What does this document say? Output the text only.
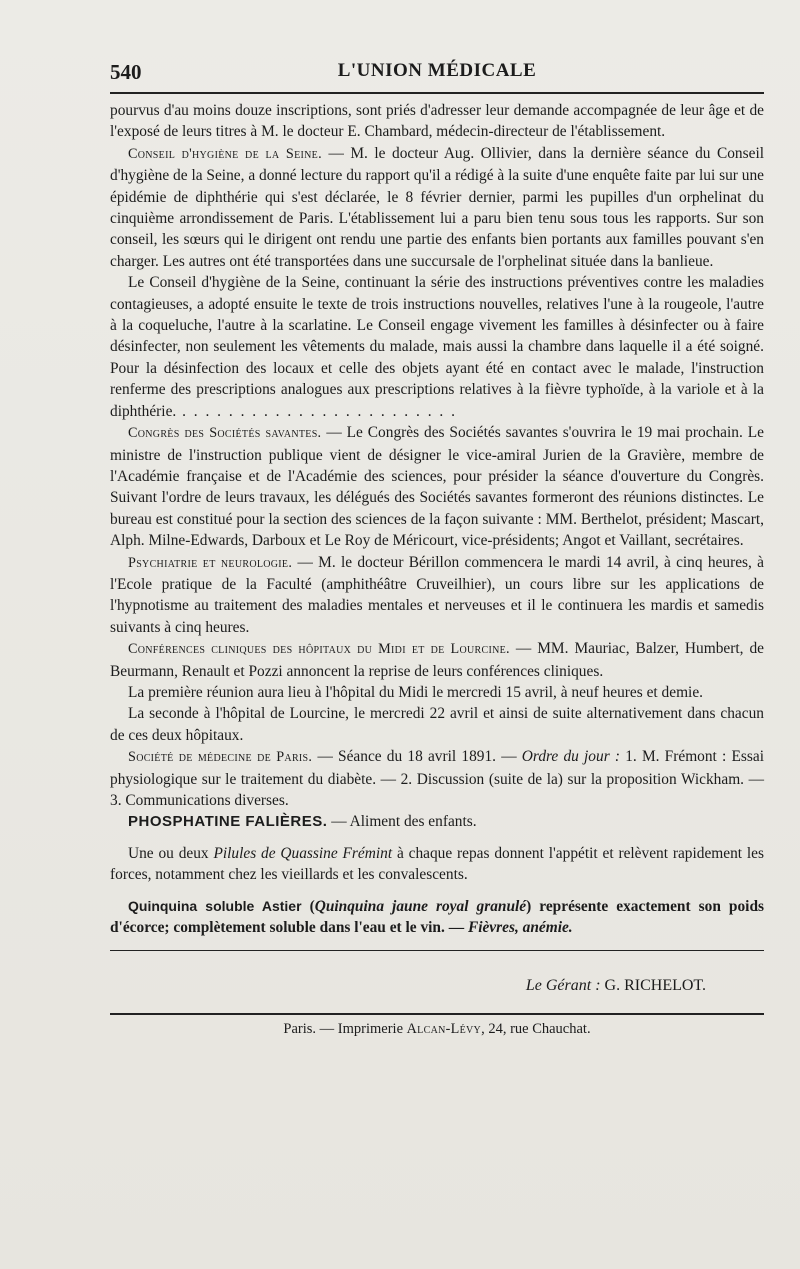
540	L'UNION MÉDICALE

pourvus d'au moins douze inscriptions, sont priés d'adresser leur demande accompagnée de leur âge et de l'exposé de leurs titres à M. le docteur E. Chambard, médecin-directeur de l'établissement.

Conseil d'hygiène de la Seine. — M. le docteur Aug. Ollivier, dans la dernière séance du Conseil d'hygiène de la Seine, a donné lecture du rapport qu'il a rédigé à la suite d'une enquête faite par lui sur une épidémie de diphthérie qui s'est déclarée, le 8 février dernier, parmi les pupilles d'un orphelinat du cinquième arrondissement de Paris. L'établissement lui a paru bien tenu sous tous les rapports. Sur son conseil, les sœurs qui le dirigent ont rendu une partie des enfants bien portants aux familles pouvant s'en charger. Les autres ont été transportées dans une succursale de l'orphelinat située dans la banlieue.

Le Conseil d'hygiène de la Seine, continuant la série des instructions préventives contre les maladies contagieuses, a adopté ensuite le texte de trois instructions nouvelles, relatives l'une à la rougeole, l'autre à la coqueluche, l'autre à la scarlatine. Le Conseil engage vivement les familles à désinfecter ou à faire désinfecter, non seulement les vêtements du malade, mais aussi la chambre dans laquelle il a été soigné. Pour la désinfection des locaux et celle des objets ayant été en contact avec le malade, l'instruction renferme des prescriptions analogues aux prescriptions relatives à la fièvre typhoïde, à la variole et à la diphthérie. . . . . . . . . . . . . . . . . . . . . . . . .

Congrès des Sociétés savantes. — Le Congrès des Sociétés savantes s'ouvrira le 19 mai prochain. Le ministre de l'instruction publique vient de désigner le vice-amiral Jurien de la Gravière, membre de l'Académie française et de l'Académie des sciences, pour présider la séance d'ouverture du Congrès. Suivant l'ordre de leurs travaux, les délégués des Sociétés savantes formeront des réunions distinctes. Le bureau est constitué pour la section des sciences de la façon suivante : MM. Berthelot, président; Mascart, Alph. Milne-Edwards, Darboux et Le Roy de Méricourt, vice-présidents; Angot et Vaillant, secrétaires.

Psychiatrie et neurologie. — M. le docteur Bérillon commencera le mardi 14 avril, à cinq heures, à l'Ecole pratique de la Faculté (amphithéâtre Cruveilhier), un cours libre sur les applications de l'hypnotisme au traitement des maladies mentales et nerveuses et il le continuera les mardis et samedis suivants à cinq heures.

Conférences cliniques des hôpitaux du Midi et de Lourcine. — MM. Mauriac, Balzer, Humbert, de Beurmann, Renault et Pozzi annoncent la reprise de leurs conférences cliniques.

La première réunion aura lieu à l'hôpital du Midi le mercredi 15 avril, à neuf heures et demie.

La seconde à l'hôpital de Lourcine, le mercredi 22 avril et ainsi de suite alternativement dans chacun de ces deux hôpitaux.

Société de médecine de Paris. — Séance du 18 avril 1891. — Ordre du jour : 1. M. Frémont : Essai physiologique sur le traitement du diabète. — 2. Discussion (suite de la) sur la proposition Wickham. — 3. Communications diverses.

PHOSPHATINE FALIÈRES. — Aliment des enfants.

Une ou deux Pilules de Quassine Frémint à chaque repas donnent l'appétit et relèvent rapidement les forces, notamment chez les vieillards et les convalescents.

Quinquina soluble Astier (Quinquina jaune royal granulé) représente exactement son poids d'écorce; complètement soluble dans l'eau et le vin. — Fièvres, anémie.

Le Gérant : G. RICHELOT.
Paris. — Imprimerie Alcan-Lévy, 24, rue Chauchat.
